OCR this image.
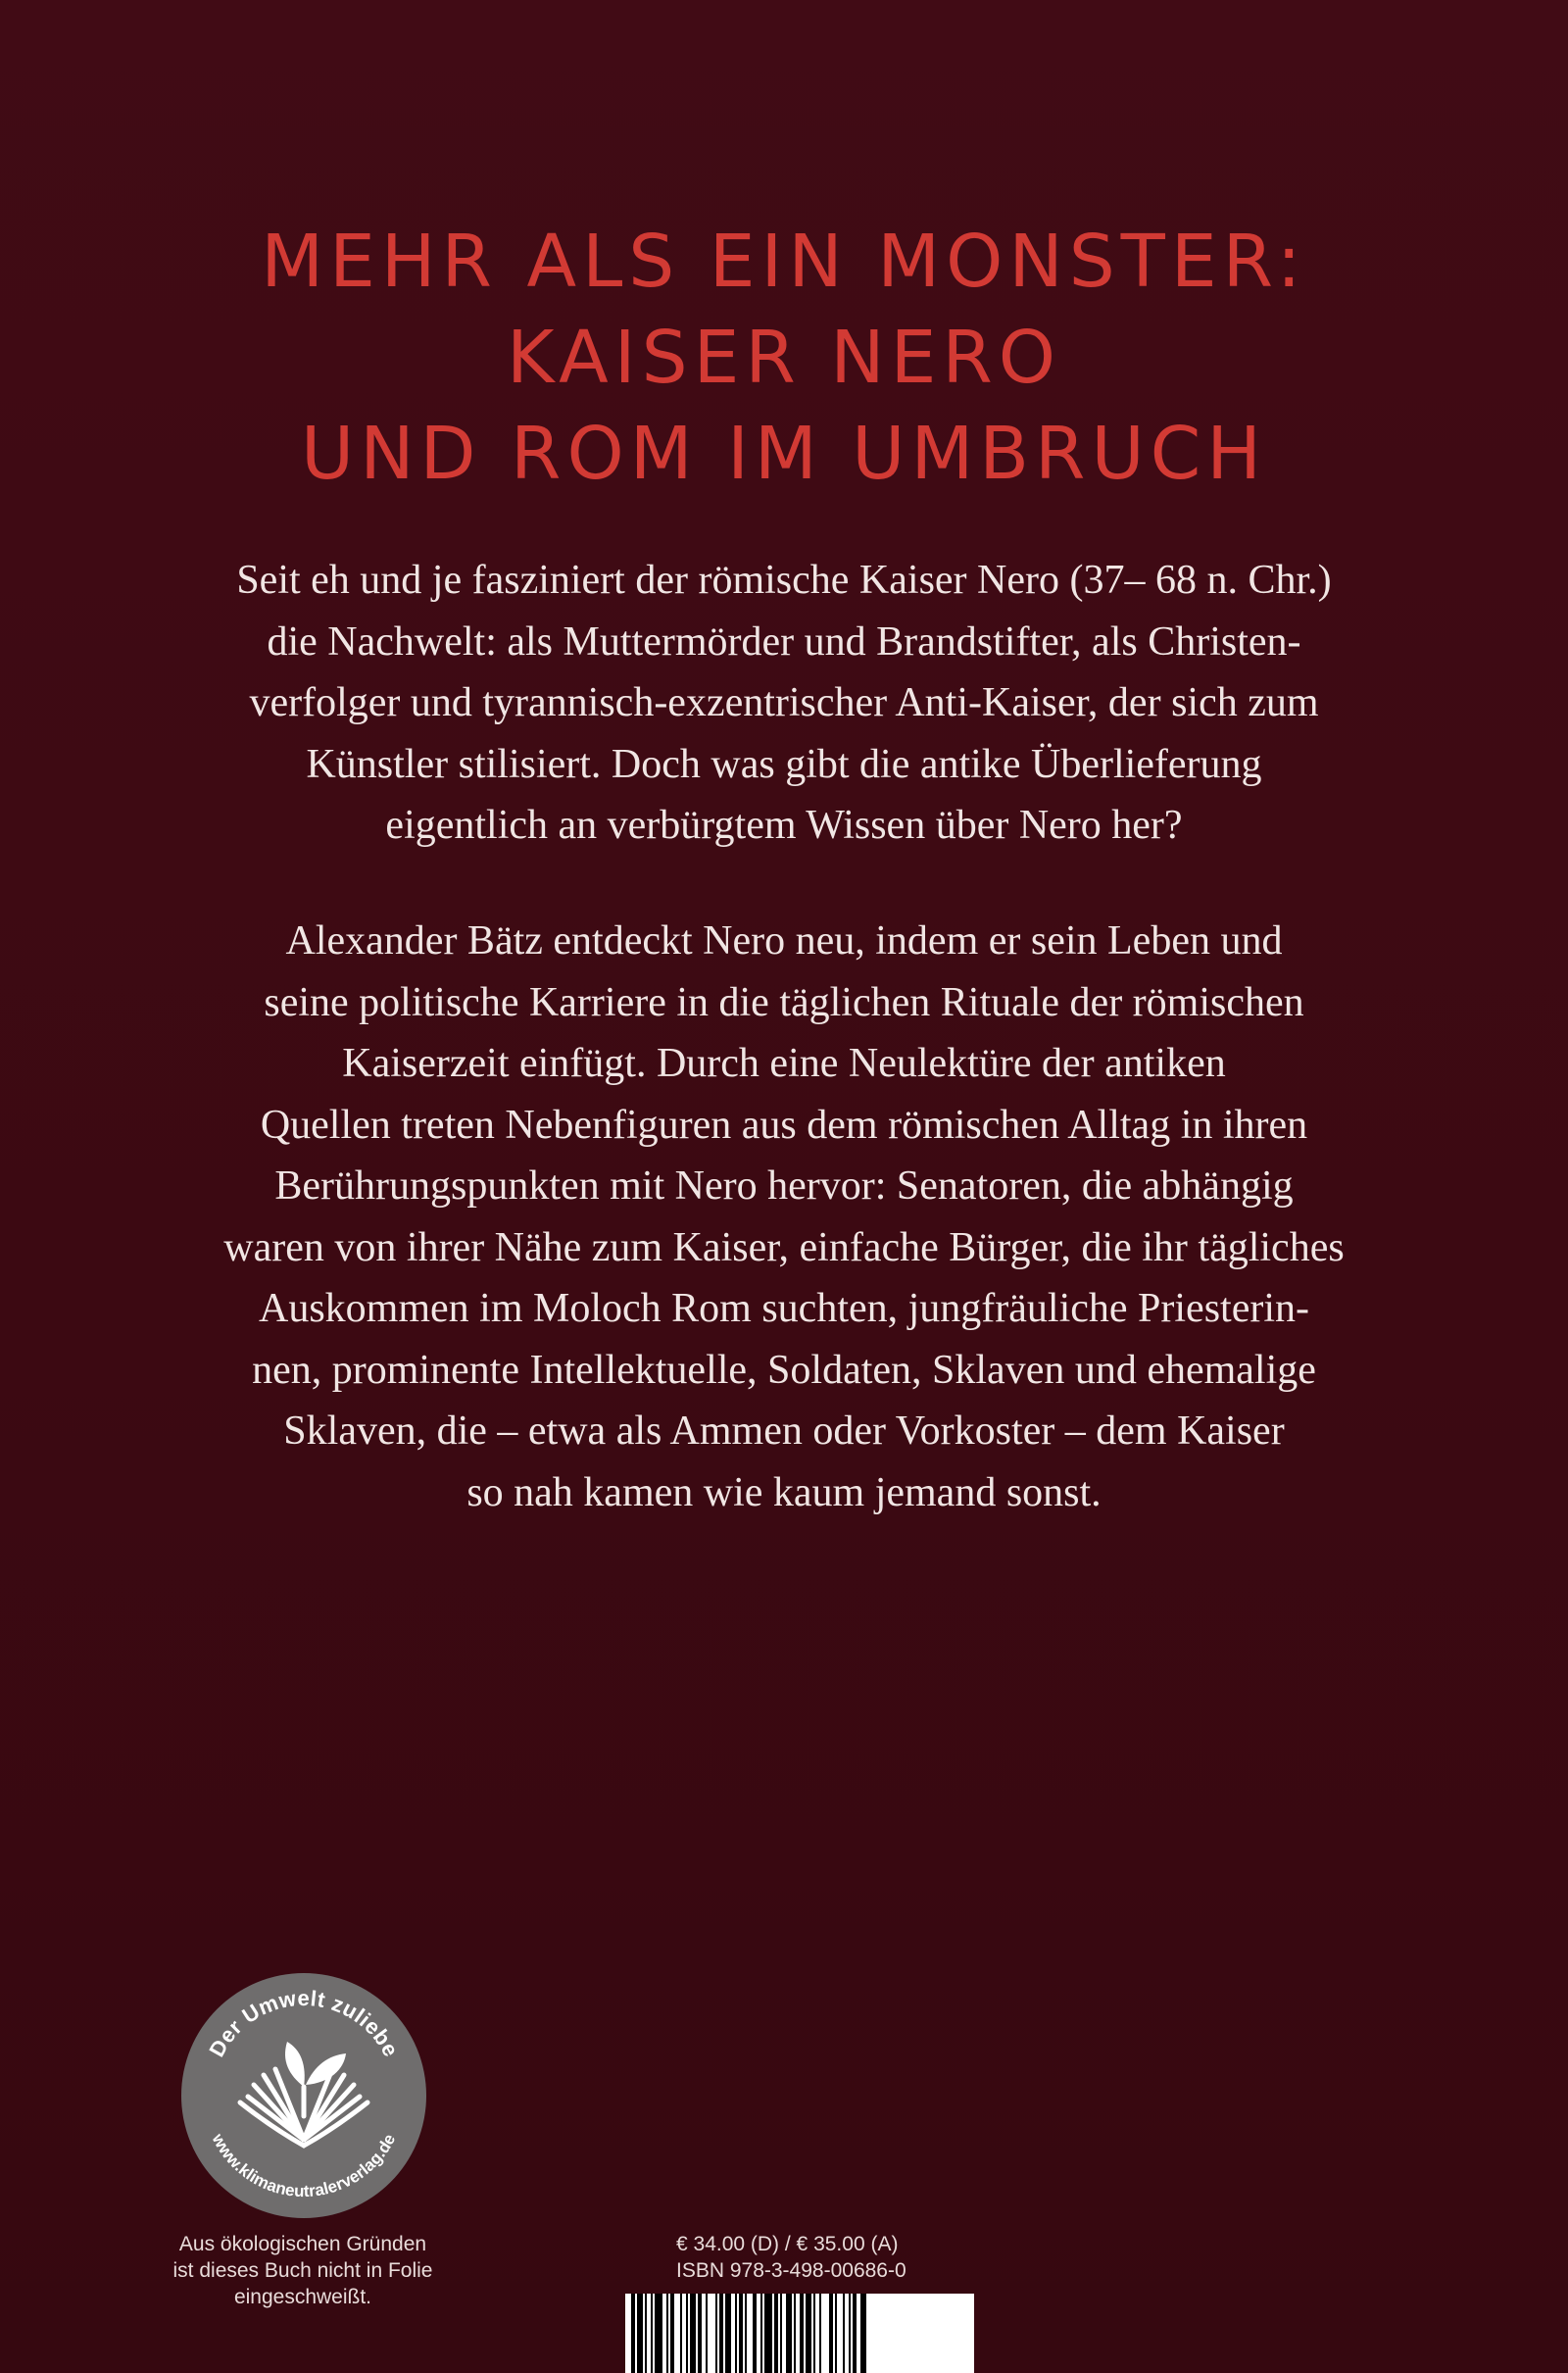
MEHR ALS EIN MONSTER:
KAISER NERO
UND ROM IM UMBRUCH
Seit eh und je fasziniert der römische Kaiser Nero (37– 68 n. Chr.)
die Nachwelt: als Muttermörder und Brandstifter, als Christen-
verfolger und tyrannisch-exzentrischer Anti-Kaiser, der sich zum
Künstler stilisiert. Doch was gibt die antike Überlieferung
eigentlich an verbürgtem Wissen über Nero her?
Alexander Bätz entdeckt Nero neu, indem er sein Leben und
seine politische Karriere in die täglichen Rituale der römischen
Kaiserzeit einfügt. Durch eine Neulektüre der antiken
Quellen treten Nebenfiguren aus dem römischen Alltag in ihren
Berührungspunkten mit Nero hervor: Senatoren, die abhängig
waren von ihrer Nähe zum Kaiser, einfache Bürger, die ihr tägliches
Auskommen im Moloch Rom suchten, jungfräuliche Priesterin-
nen, prominente Intellektuelle, Soldaten, Sklaven und ehemalige
Sklaven, die – etwa als Ammen oder Vorkoster – dem Kaiser
so nah kamen wie kaum jemand sonst.
Der Umwelt zuliebe
www.klimaneutralerverlag.de
Aus ökologischen Gründen
ist dieses Buch nicht in Folie
eingeschweißt.
€ 34.00 (D) / € 35.00 (A)
ISBN 978-3-498-00686-0
